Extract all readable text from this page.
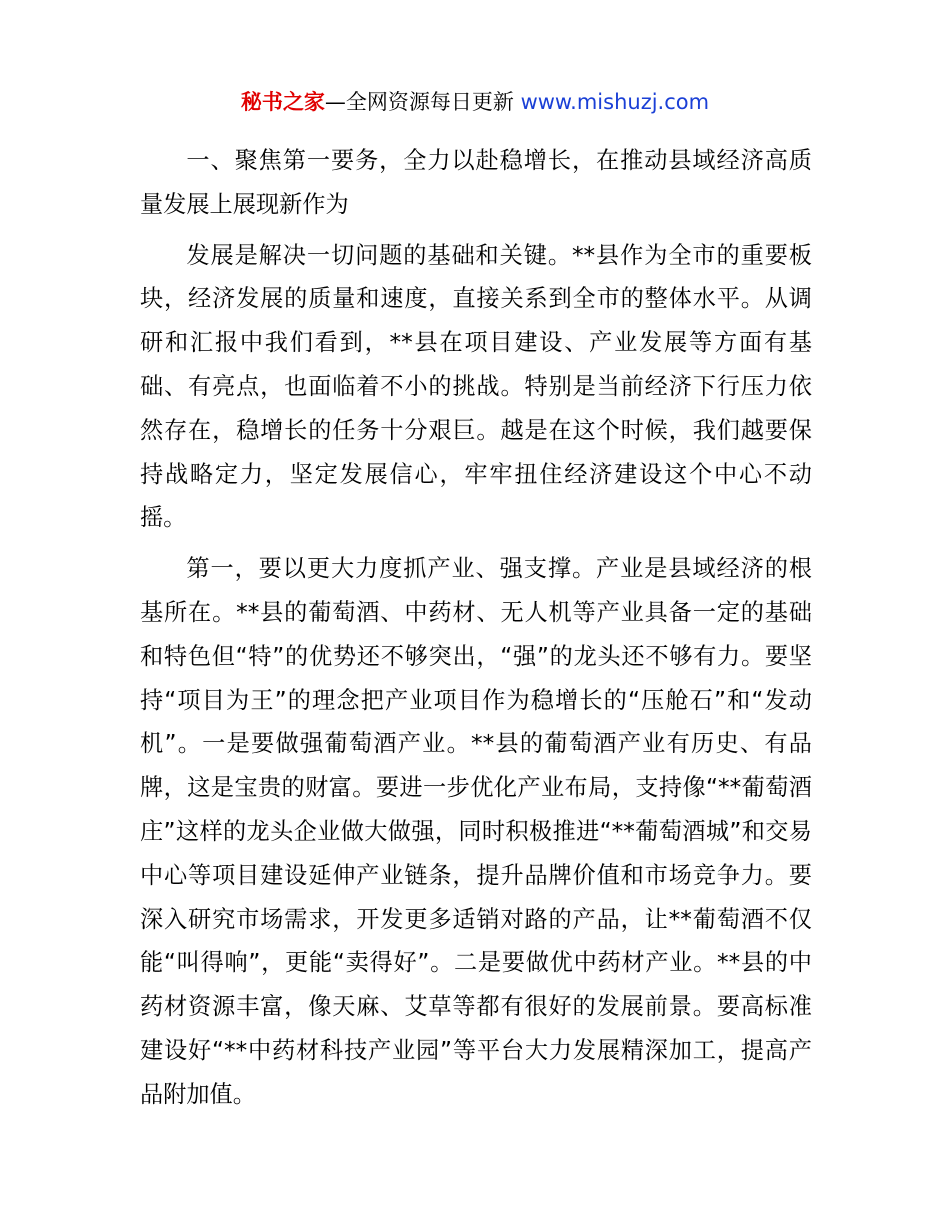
秘书之家—全网资源每日更新 www.mishuzj.com

一、聚焦第一要务，全力以赴稳增长，在推动县域经济高质量发展上展现新作为

发展是解决一切问题的基础和关键。**县作为全市的重要板块，经济发展的质量和速度，直接关系到全市的整体水平。从调研和汇报中我们看到，**县在项目建设、产业发展等方面有基础、有亮点，也面临着不小的挑战。特别是当前经济下行压力依然存在，稳增长的任务十分艰巨。越是在这个时候，我们越要保持战略定力，坚定发展信心，牢牢扭住经济建设这个中心不动摇。

第一，要以更大力度抓产业、强支撑。产业是县域经济的根基所在。**县的葡萄酒、中药材、无人机等产业具备一定的基础和特色但“特”的优势还不够突出，“强”的龙头还不够有力。要坚持“项目为王”的理念把产业项目作为稳增长的“压舱石”和“发动机”。一是要做强葡萄酒产业。**县的葡萄酒产业有历史、有品牌，这是宝贵的财富。要进一步优化产业布局，支持像“**葡萄酒庄”这样的龙头企业做大做强，同时积极推进“**葡萄酒城”和交易中心等项目建设延伸产业链条，提升品牌价值和市场竞争力。要深入研究市场需求，开发更多适销对路的产品，让**葡萄酒不仅能“叫得响”，更能“卖得好”。二是要做优中药材产业。**县的中药材资源丰富，像天麻、艾草等都有很好的发展前景。要高标准建设好“**中药材科技产业园”等平台大力发展精深加工，提高产品附加值。
